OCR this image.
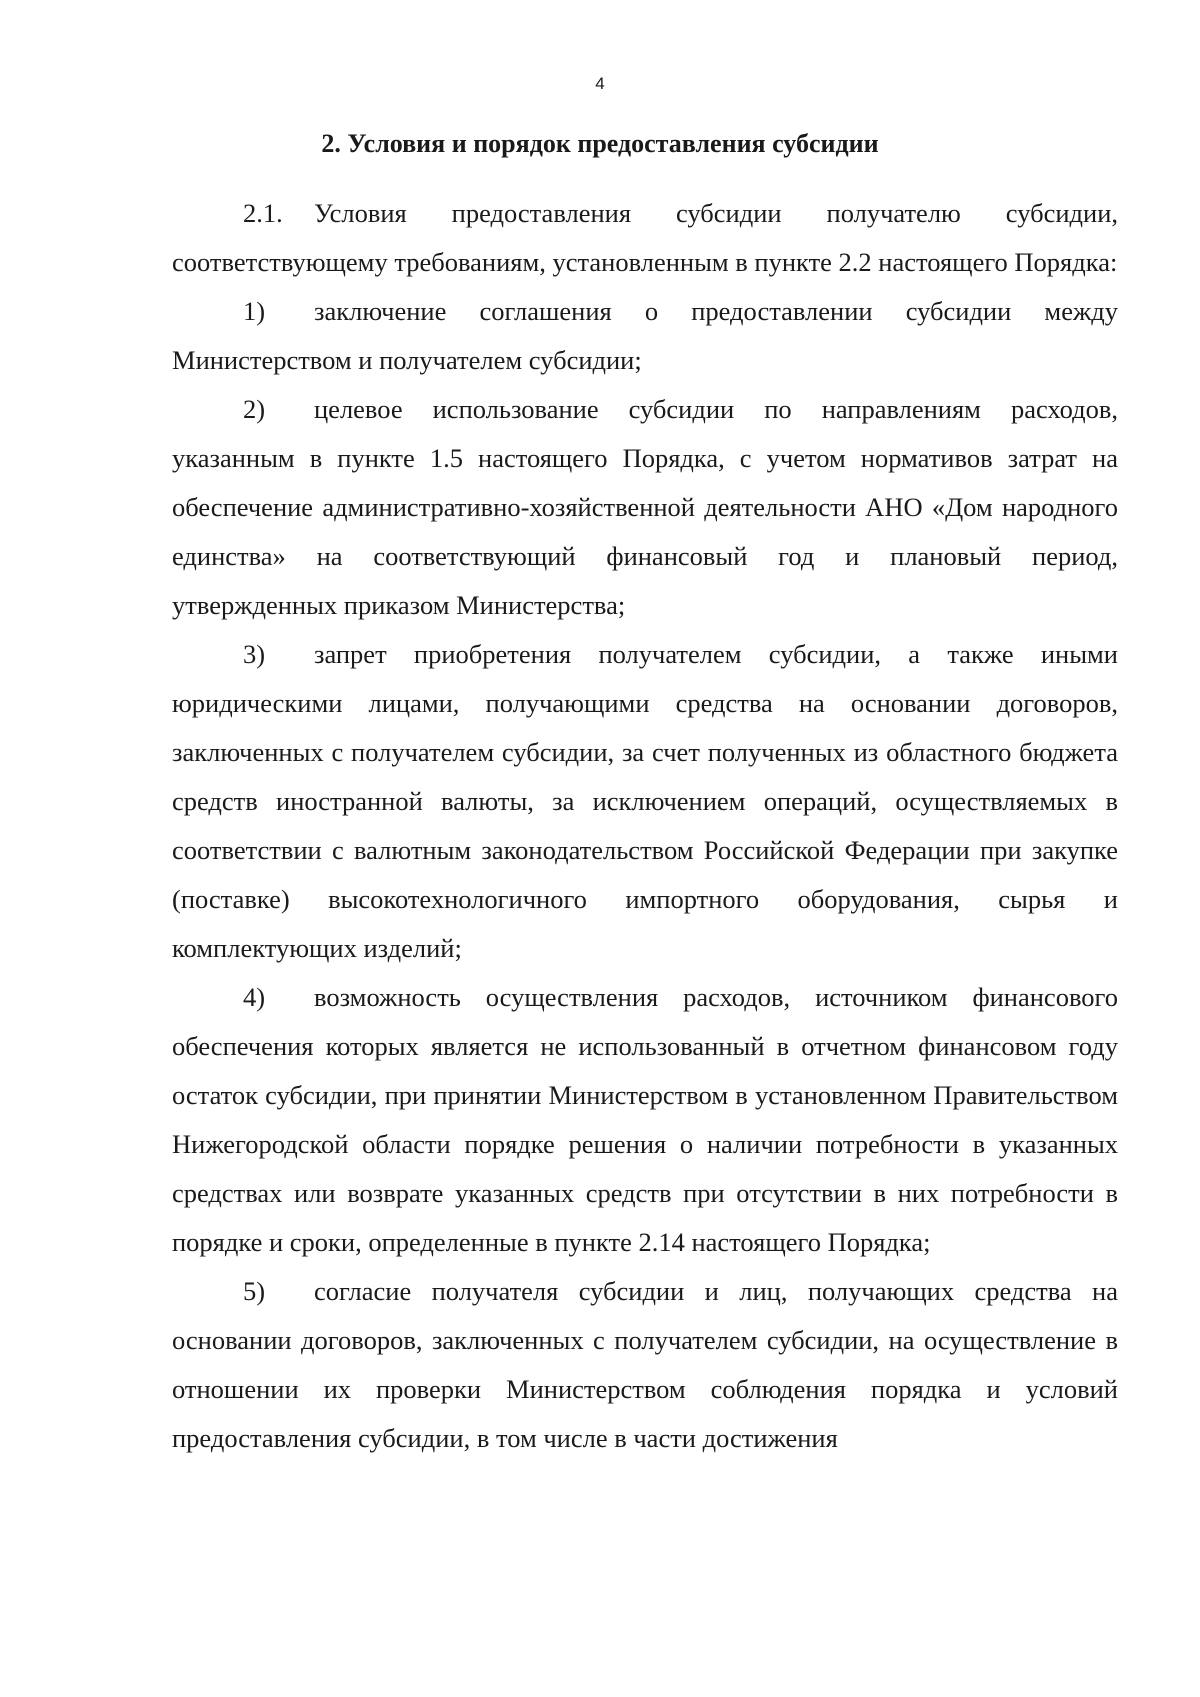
4
2. Условия и порядок предоставления субсидии

2.1. Условия предоставления субсидии получателю субсидии, соответствующему требованиям, установленным в пункте 2.2 настоящего Порядка:

1) заключение соглашения о предоставлении субсидии между Министерством и получателем субсидии;

2) целевое использование субсидии по направлениям расходов, указанным в пункте 1.5 настоящего Порядка, с учетом нормативов затрат на обеспечение административно-хозяйственной деятельности АНО «Дом народного единства» на соответствующий финансовый год и плановый период, утвержденных приказом Министерства;

3) запрет приобретения получателем субсидии, а также иными юридическими лицами, получающими средства на основании договоров, заключенных с получателем субсидии, за счет полученных из областного бюджета средств иностранной валюты, за исключением операций, осуществляемых в соответствии с валютным законодательством Российской Федерации при закупке (поставке) высокотехнологичного импортного оборудования, сырья и комплектующих изделий;

4) возможность осуществления расходов, источником финансового обеспечения которых является не использованный в отчетном финансовом году остаток субсидии, при принятии Министерством в установленном Правительством Нижегородской области порядке решения о наличии потребности в указанных средствах или возврате указанных средств при отсутствии в них потребности в порядке и сроки, определенные в пункте 2.14 настоящего Порядка;

5) согласие получателя субсидии и лиц, получающих средства на основании договоров, заключенных с получателем субсидии, на осуществление в отношении их проверки Министерством соблюдения порядка и условий предоставления субсидии, в том числе в части достижения
